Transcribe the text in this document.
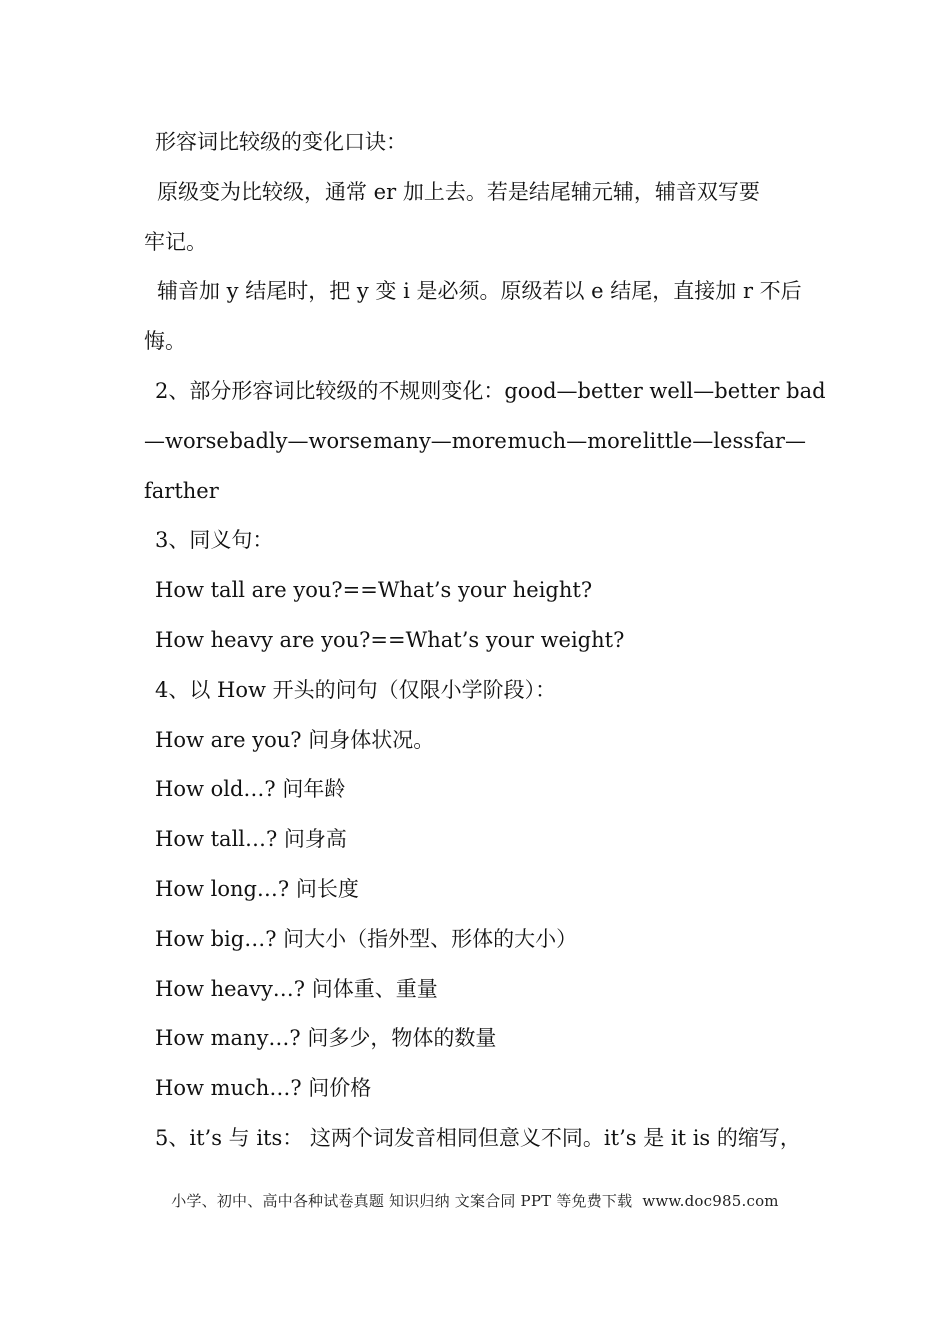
形容词比较级的变化口诀：
原级变为比较级，通常 er 加上去。若是结尾辅元辅，辅音双写要
牢记。
辅音加 y 结尾时，把 y 变 i 是必须。原级若以 e 结尾，直接加 r 不后
悔。
2、部分形容词比较级的不规则变化：good—better well—better bad
—worse badly—worse many—more much—more little—less far—
farther
3、同义句：
How tall are you?==What’s your height?
How heavy are you?==What’s your weight?
4、以 How 开头的问句（仅限小学阶段）：
How are you? 问身体状况。
How old…? 问年龄
How tall…? 问身高
How long…? 问长度
How big…? 问大小（指外型、形体的大小）
How heavy…? 问体重、重量
How many…? 问多少，物体的数量
How much…? 问价格
5、it’s 与 its： 这两个词发音相同但意义不同。it’s 是 it is 的缩写，
小学、初中、高中各种试卷真题 知识归纳 文案合同 PPT 等免费下载 www.doc985.com
